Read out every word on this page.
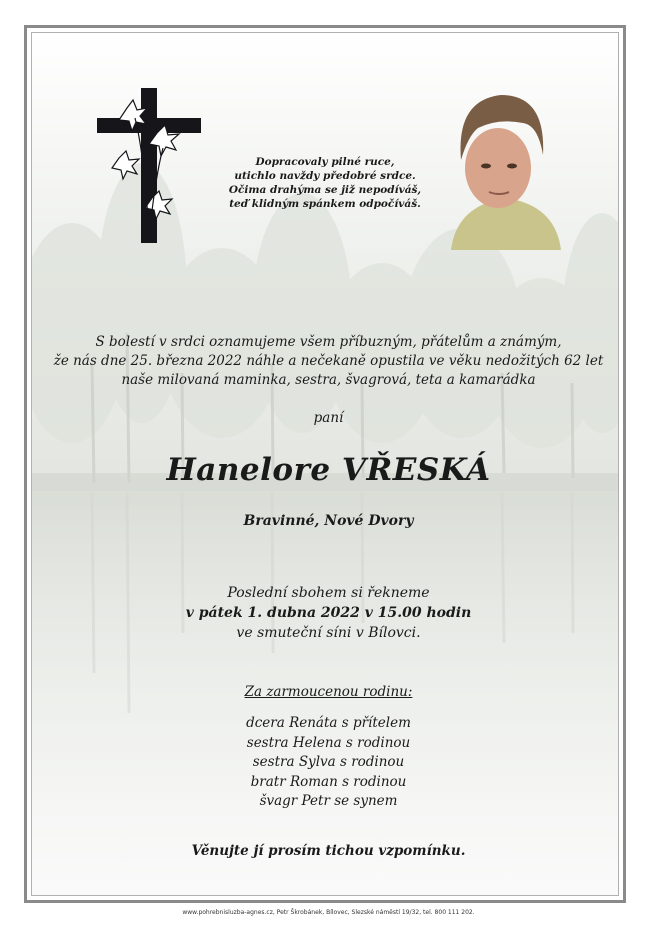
Dopracovaly pilné ruce,
utichlo navždy předobré srdce.
Očima drahýma se již nepodíváš,
teď klidným spánkem odpočíváš.
S bolestí v srdci oznamujeme všem příbuzným, přátelům a známým,
že nás dne 25. března 2022 náhle a nečekaně opustila ve věku nedožitých 62 let
naše milovaná maminka, sestra, švagrová, teta a kamarádka
paní
Hanelore VŘESKÁ
Bravinné, Nové Dvory
Poslední sbohem si řekneme
v pátek 1. dubna 2022 v 15.00 hodin
ve smuteční síni v Bílovci.
Za zarmoucenou rodinu:
dcera Renáta s přítelem
sestra Helena s rodinou
sestra Sylva s rodinou
bratr Roman s rodinou
švagr Petr se synem
Věnujte jí prosím tichou vzpomínku.
www.pohrebnisluzba-agnes.cz, Petr Škrobánek, Bílovec, Slezské náměstí 19/32, tel. 800 111 202.
